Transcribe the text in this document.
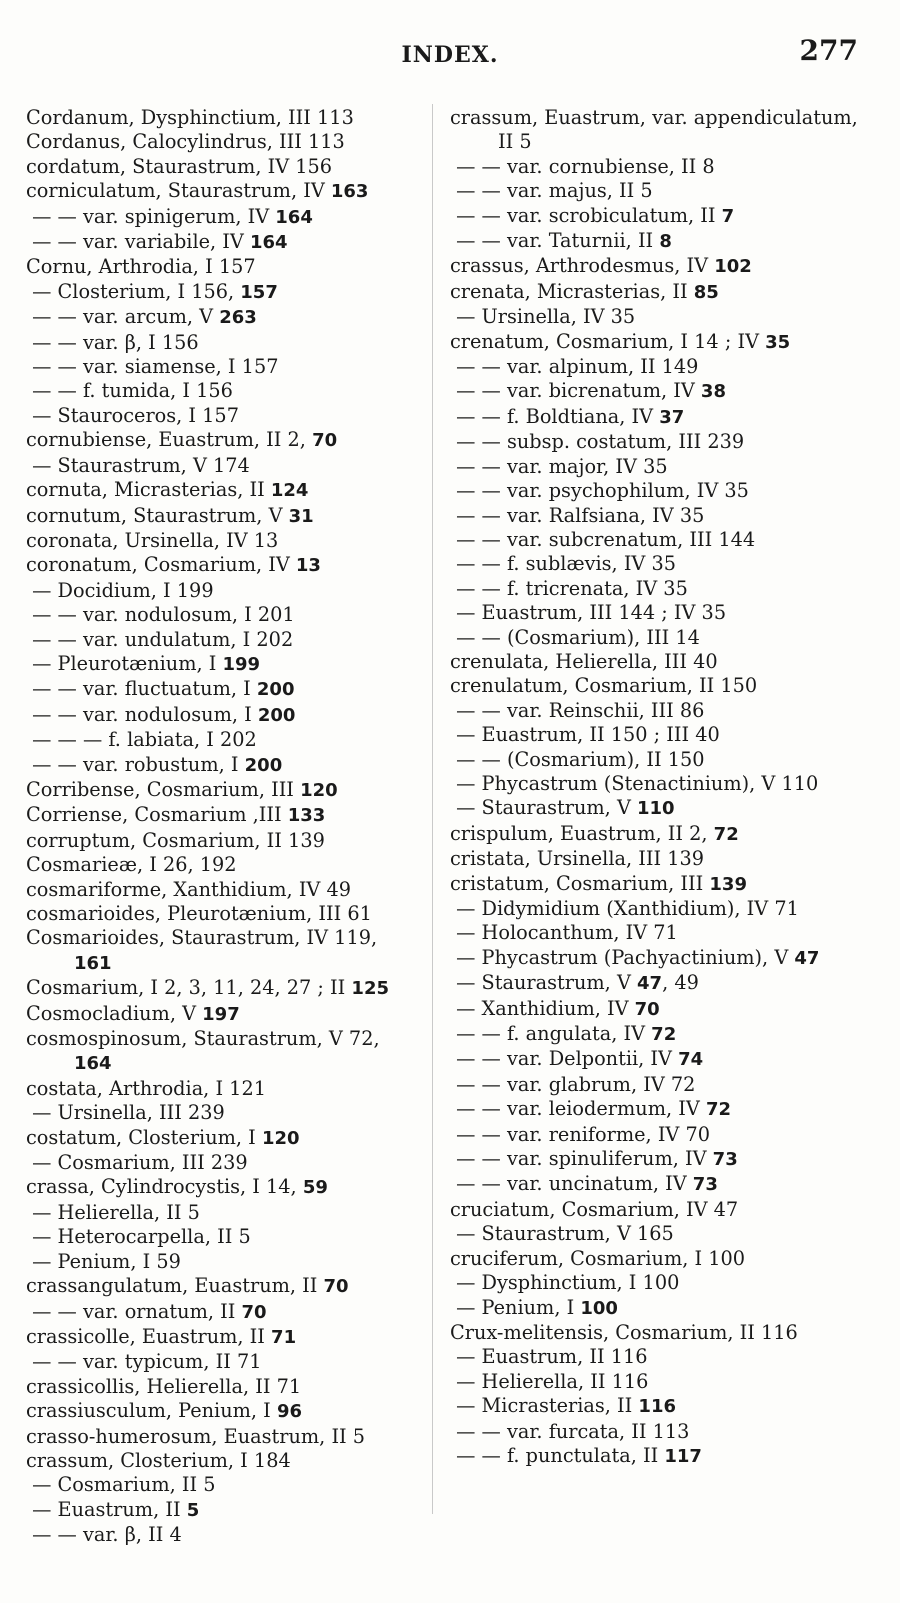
INDEX.	277
Cordanum, Dysphinctium, III 113
Cordanus, Calocylindrus, III 113
cordatum, Staurastrum, IV 156
corniculatum, Staurastrum, IV 163
— — var. spinigerum, IV 164
— — var. variabile, IV 164
Cornu, Arthrodia, I 157
— Closterium, I 156, 157
— — var. arcum, V 263
— — var. β, I 156
— — var. siamense, I 157
— — f. tumida, I 156
— Stauroceros, I 157
cornubiense, Euastrum, II 2, 70
— Staurastrum, V 174
cornuta, Micrasterias, II 124
cornutum, Staurastrum, V 31
coronata, Ursinella, IV 13
coronatum, Cosmarium, IV 13
— Docidium, I 199
— — var. nodulosum, I 201
— — var. undulatum, I 202
— Pleurotænium, I 199
— — var. fluctuatum, I 200
— — var. nodulosum, I 200
— — — f. labiata, I 202
— — var. robustum, I 200
Corribense, Cosmarium, III 120
Corriense, Cosmarium ,III 133
corruptum, Cosmarium, II 139
Cosmarieæ, I 26, 192
cosmariforme, Xanthidium, IV 49
cosmarioides, Pleurotænium, III 61
Cosmarioides, Staurastrum, IV 119, 161
Cosmarium, I 2, 3, 11, 24, 27 ; II 125
Cosmocladium, V 197
cosmospinosum, Staurastrum, V 72, 164
costata, Arthrodia, I 121
— Ursinella, III 239
costatum, Closterium, I 120
— Cosmarium, III 239
crassa, Cylindrocystis, I 14, 59
— Helierella, II 5
— Heterocarpella, II 5
— Penium, I 59
crassangulatum, Euastrum, II 70
— — var. ornatum, II 70
crassicolle, Euastrum, II 71
— — var. typicum, II 71
crassicollis, Helierella, II 71
crassiusculum, Penium, I 96
crasso-humerosum, Euastrum, II 5
crassum, Closterium, I 184
— Cosmarium, II 5
— Euastrum, II 5
— — var. β, II 4
crassum, Euastrum, var. appendiculatum, II 5
— — var. cornubiense, II 8
— — var. majus, II 5
— — var. scrobiculatum, II 7
— — var. Taturnii, II 8
crassus, Arthrodesmus, IV 102
crenata, Micrasterias, II 85
— Ursinella, IV 35
crenatum, Cosmarium, I 14 ; IV 35
— — var. alpinum, II 149
— — var. bicrenatum, IV 38
— — f. Boldtiana, IV 37
— — subsp. costatum, III 239
— — var. major, IV 35
— — var. psychophilum, IV 35
— — var. Ralfsiana, IV 35
— — var. subcrenatum, III 144
— — f. sublævis, IV 35
— — f. tricrenata, IV 35
— Euastrum, III 144 ; IV 35
— — (Cosmarium), III 14
crenulata, Helierella, III 40
crenulatum, Cosmarium, II 150
— — var. Reinschii, III 86
— Euastrum, II 150 ; III 40
— — (Cosmarium), II 150
— Phycastrum (Stenactinium), V 110
— Staurastrum, V 110
crispulum, Euastrum, II 2, 72
cristata, Ursinella, III 139
cristatum, Cosmarium, III 139
— Didymidium (Xanthidium), IV 71
— Holocanthum, IV 71
— Phycastrum (Pachyactinium), V 47
— Staurastrum, V 47, 49
— Xanthidium, IV 70
— — f. angulata, IV 72
— — var. Delpontii, IV 74
— — var. glabrum, IV 72
— — var. leiodermum, IV 72
— — var. reniforme, IV 70
— — var. spinuliferum, IV 73
— — var. uncinatum, IV 73
cruciatum, Cosmarium, IV 47
— Staurastrum, V 165
cruciferum, Cosmarium, I 100
— Dysphinctium, I 100
— Penium, I 100
Crux-melitensis, Cosmarium, II 116
— Euastrum, II 116
— Helierella, II 116
— Micrasterias, II 116
— — var. furcata, II 113
— — f. punctulata, II 117
